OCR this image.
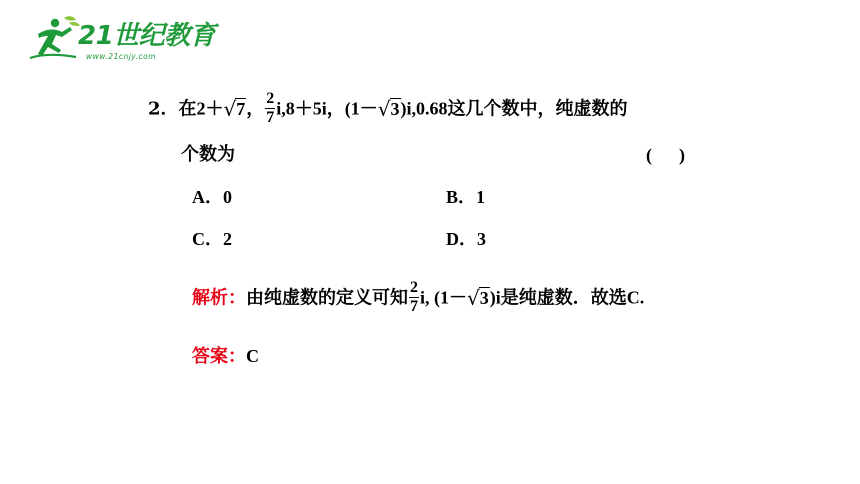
21世纪教育
www.21cnjy.com
2．在2＋√7， $\frac{2}{7} i,8+5i$，(1－√3)i,0.68这几个数中，纯虚数的
个数为	(      )
A．0	B．1
C．2	D．3
解析：由纯虚数的定义可知 $\frac{2}{7} i$, (1－√3)i是纯虚数．故选C.
答案：C
